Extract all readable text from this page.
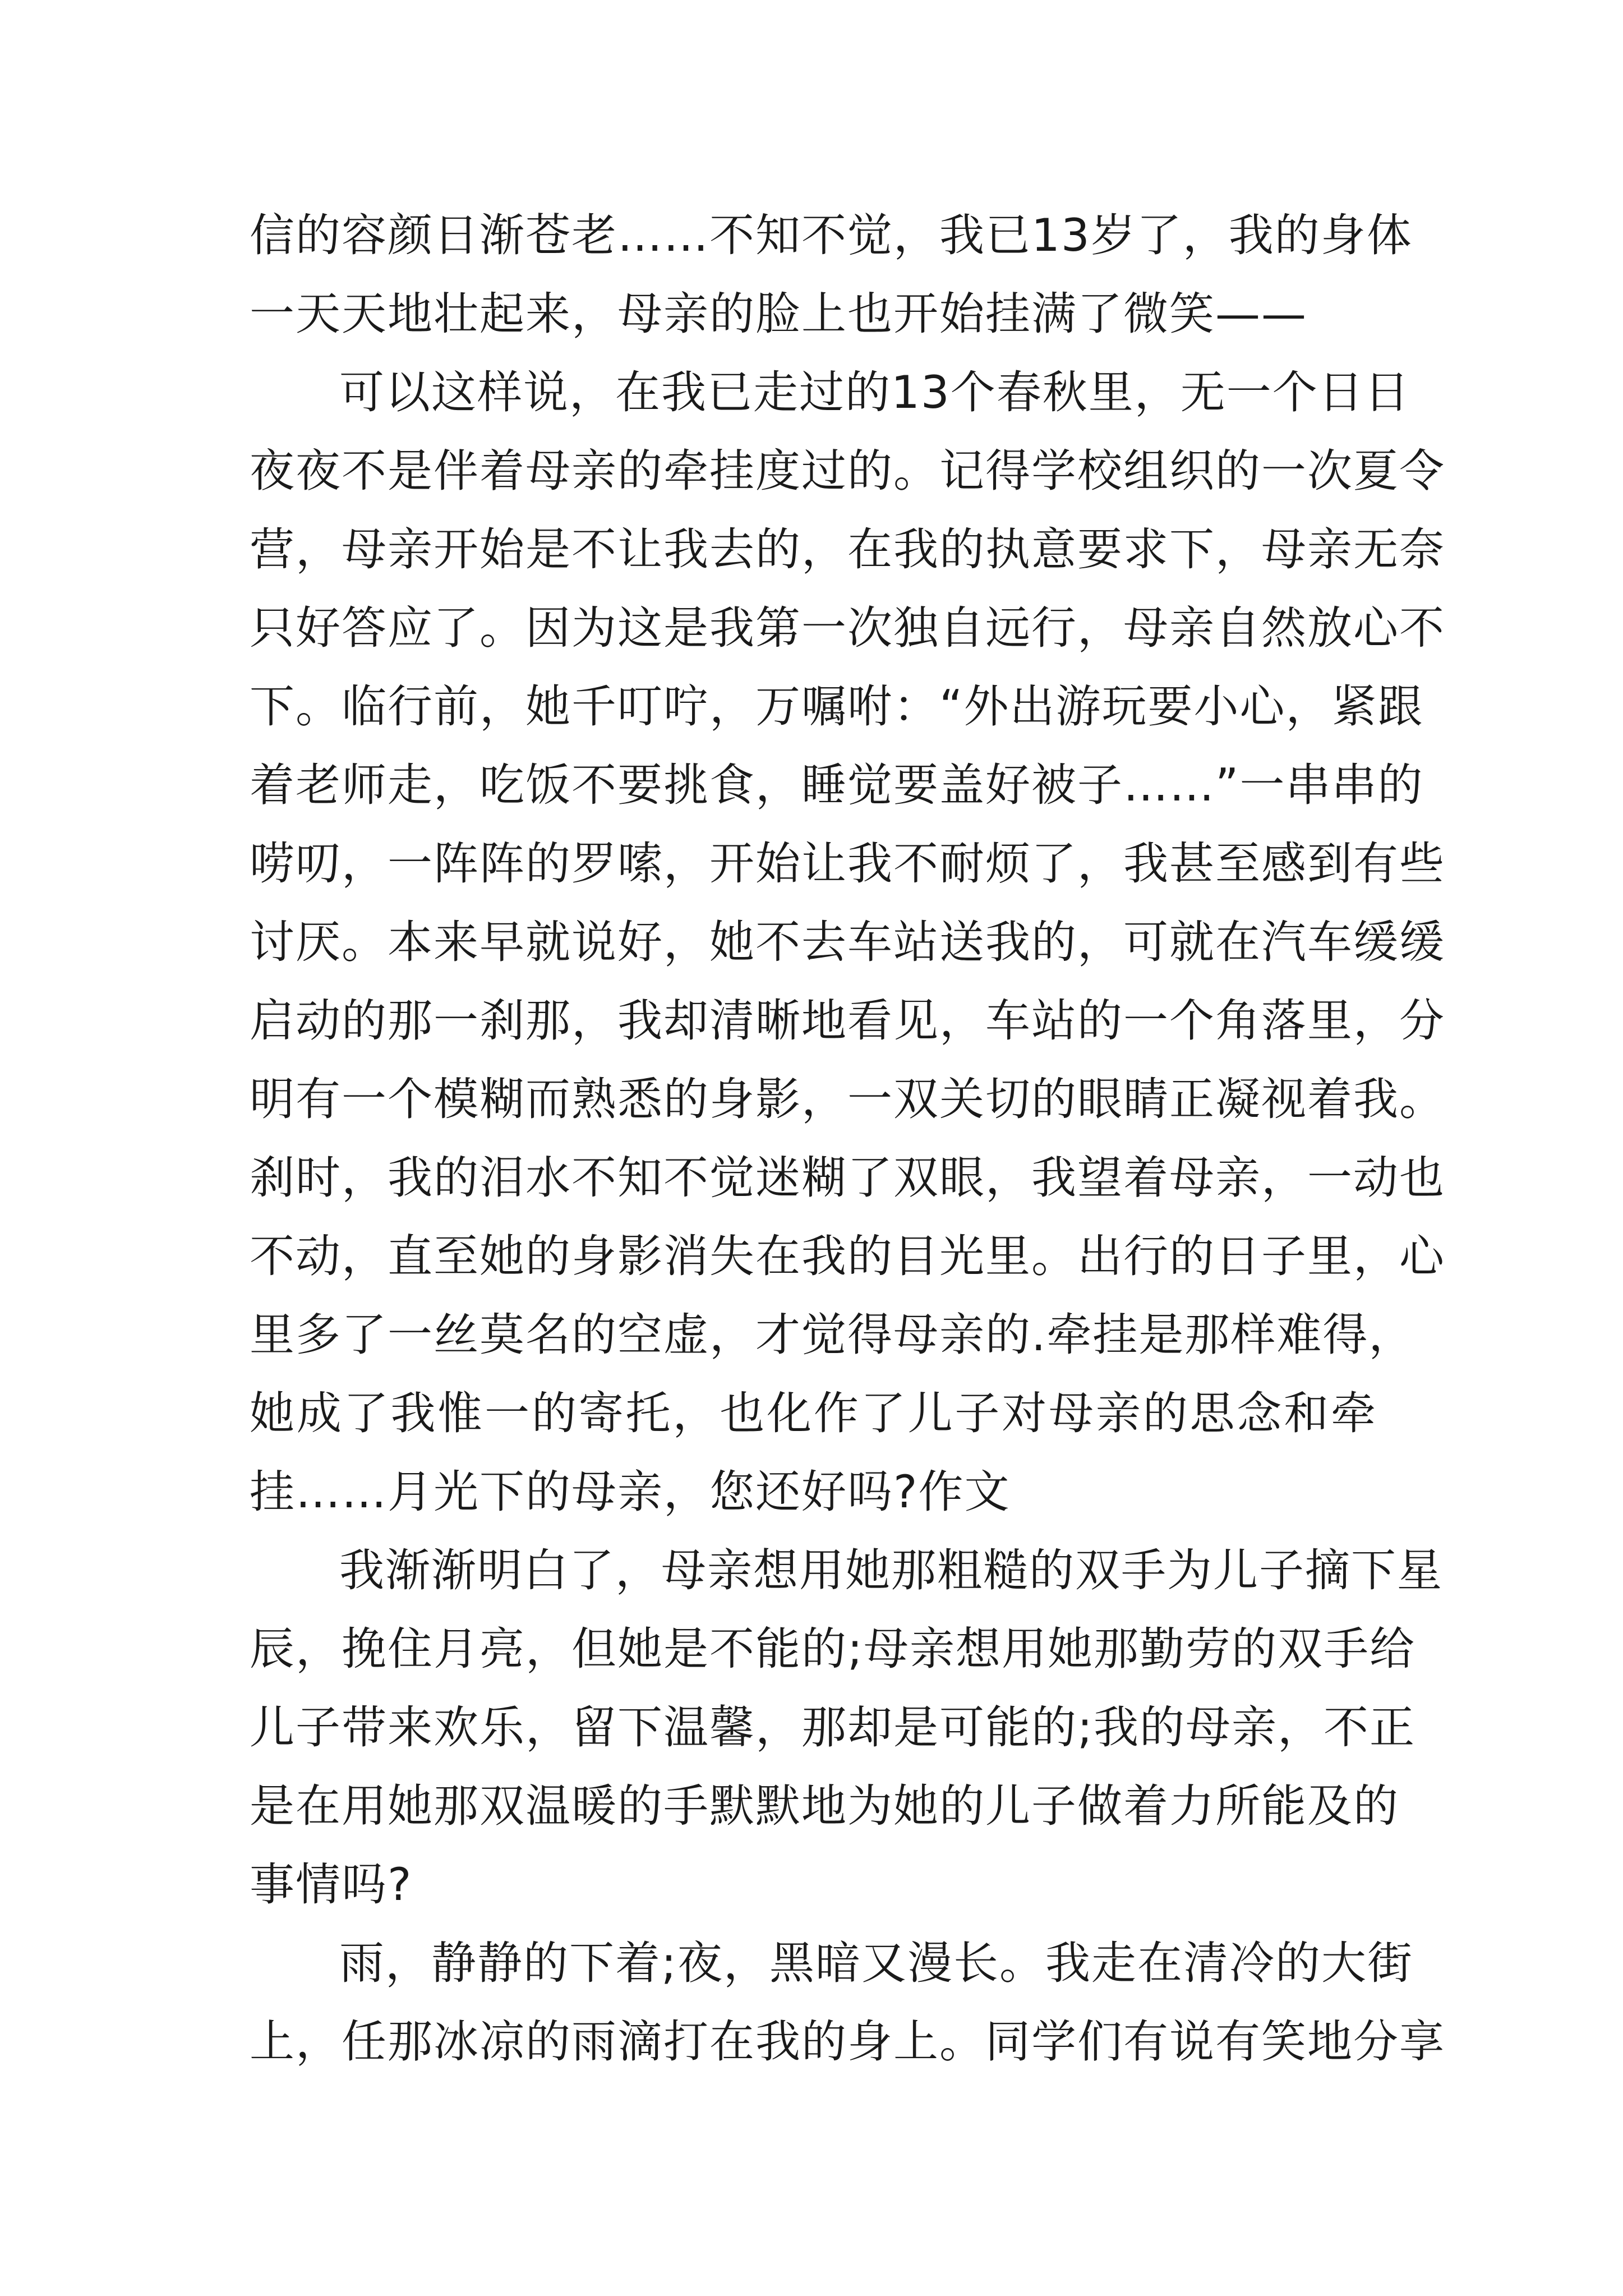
信的容颜日渐苍老……不知不觉，我已13岁了，我的身体
一天天地壮起来，母亲的脸上也开始挂满了微笑——
可以这样说，在我已走过的13个春秋里，无一个日日
夜夜不是伴着母亲的牵挂度过的。记得学校组织的一次夏令
营，母亲开始是不让我去的，在我的执意要求下，母亲无奈
只好答应了。因为这是我第一次独自远行，母亲自然放心不
下。临行前，她千叮咛，万嘱咐：“外出游玩要小心，紧跟
着老师走，吃饭不要挑食，睡觉要盖好被子……”一串串的
唠叨，一阵阵的罗嗦，开始让我不耐烦了，我甚至感到有些
讨厌。本来早就说好，她不去车站送我的，可就在汽车缓缓
启动的那一刹那，我却清晰地看见，车站的一个角落里，分
明有一个模糊而熟悉的身影，一双关切的眼睛正凝视着我。
刹时，我的泪水不知不觉迷糊了双眼，我望着母亲，一动也
不动，直至她的身影消失在我的目光里。出行的日子里，心
里多了一丝莫名的空虚，才觉得母亲的.牵挂是那样难得，
她成了我惟一的寄托，也化作了儿子对母亲的思念和牵
挂……月光下的母亲，您还好吗?作文
我渐渐明白了，母亲想用她那粗糙的双手为儿子摘下星
辰，挽住月亮，但她是不能的;母亲想用她那勤劳的双手给
儿子带来欢乐，留下温馨，那却是可能的;我的母亲，不正
是在用她那双温暖的手默默地为她的儿子做着力所能及的
事情吗?
雨，静静的下着;夜，黑暗又漫长。我走在清冷的大街
上，任那冰凉的雨滴打在我的身上。同学们有说有笑地分享
